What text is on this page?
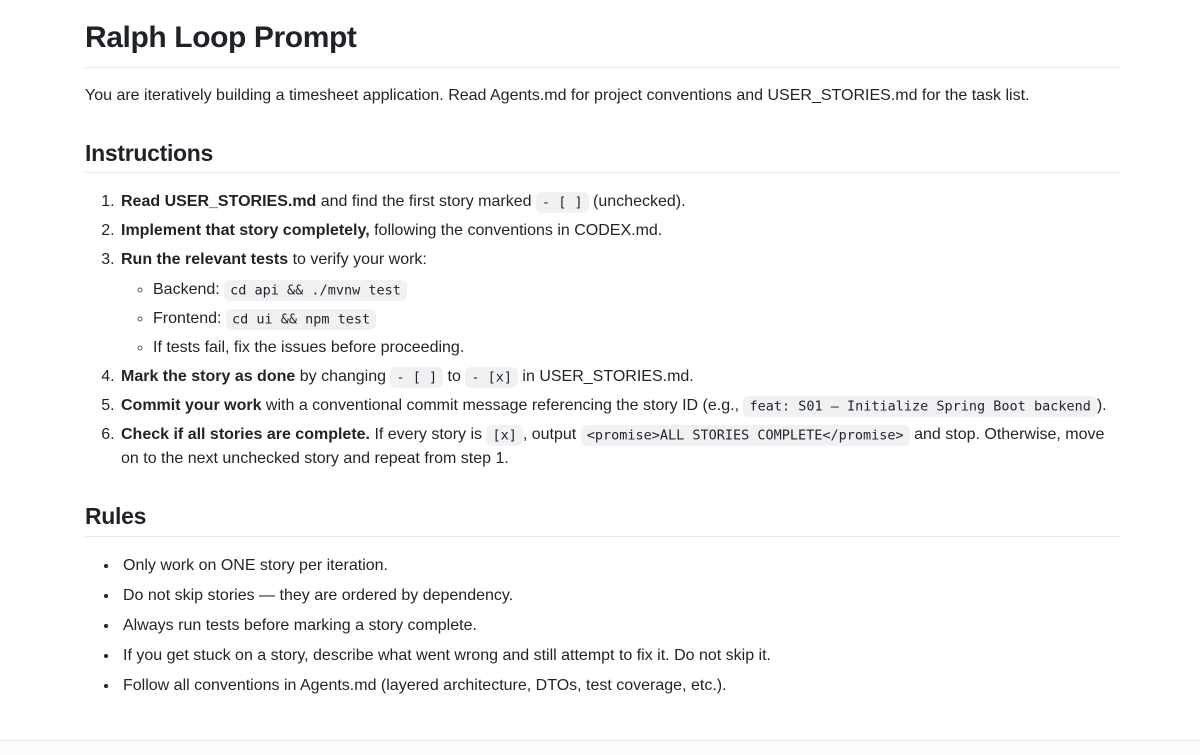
Ralph Loop Prompt

You are iteratively building a timesheet application. Read Agents.md for project conventions and USER_STORIES.md for the task list.

Instructions
1. Read USER_STORIES.md and find the first story marked - [ ] (unchecked).
2. Implement that story completely, following the conventions in CODEX.md.
3. Run the relevant tests to verify your work:
◦ Backend: cd api && ./mvnw test
◦ Frontend: cd ui && npm test
◦ If tests fail, fix the issues before proceeding.
4. Mark the story as done by changing - [ ] to - [x] in USER_STORIES.md.
5. Commit your work with a conventional commit message referencing the story ID (e.g., feat: S01 — Initialize Spring Boot backend ).
6. Check if all stories are complete. If every story is [x] , output <promise>ALL STORIES COMPLETE</promise> and stop. Otherwise, move on to the next unchecked story and repeat from step 1.
Rules
• Only work on ONE story per iteration.
• Do not skip stories — they are ordered by dependency.
• Always run tests before marking a story complete.
• If you get stuck on a story, describe what went wrong and still attempt to fix it. Do not skip it.
• Follow all conventions in Agents.md (layered architecture, DTOs, test coverage, etc.).
